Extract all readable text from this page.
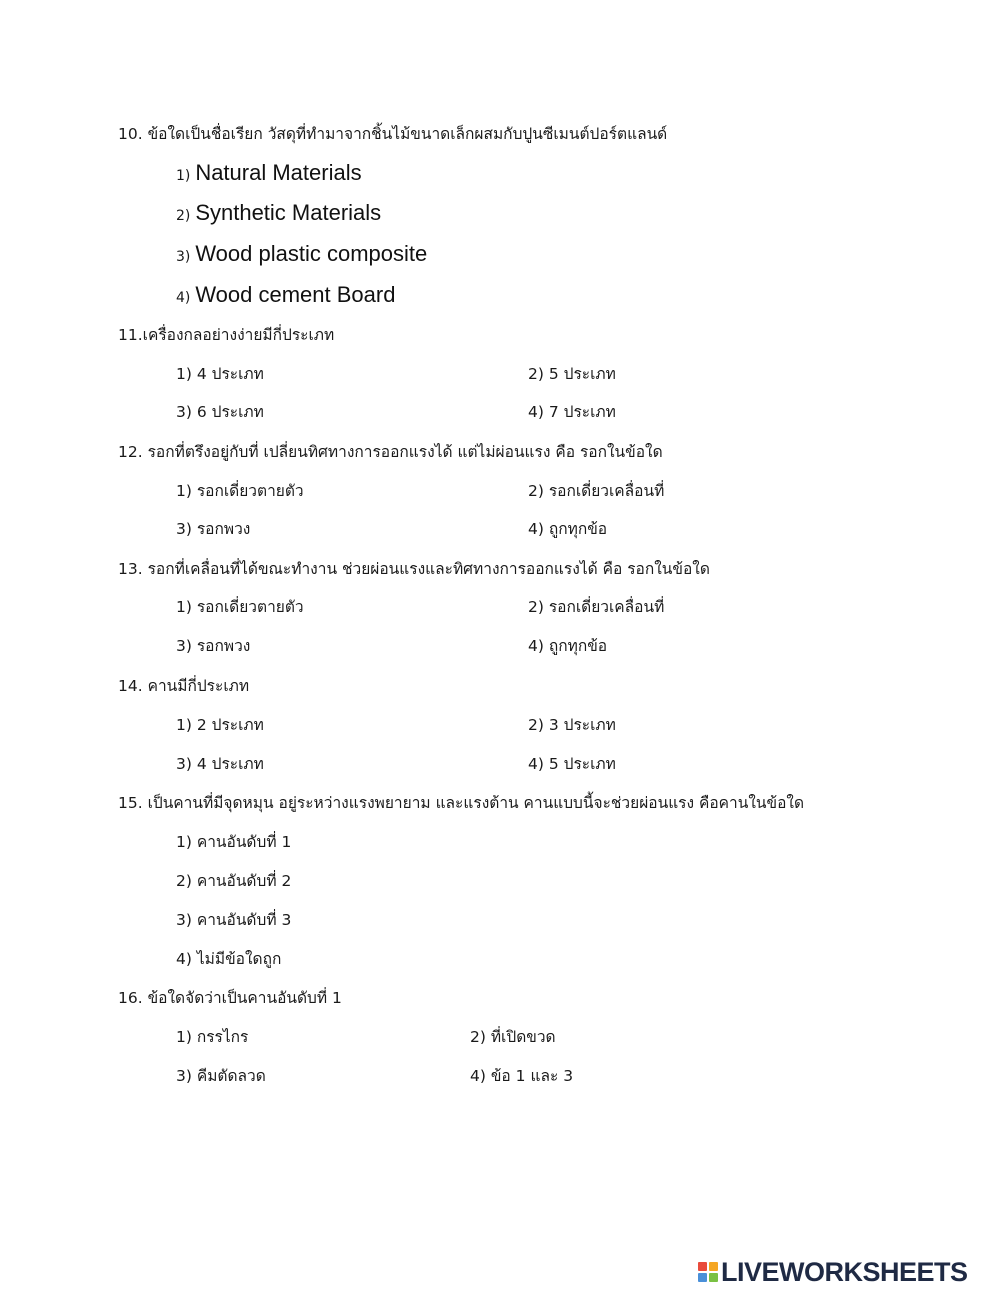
10. ข้อใดเป็นชื่อเรียก วัสดุที่ทำมาจากชิ้นไม้ขนาดเล็กผสมกับปูนซีเมนต์ปอร์ตแลนด์
1) Natural Materials
2) Synthetic Materials
3) Wood plastic composite
4) Wood cement Board
11.เครื่องกลอย่างง่ายมีกี่ประเภท
1) 4 ประเภท	2) 5 ประเภท
3) 6 ประเภท	4) 7 ประเภท
12. รอกที่ตรึงอยู่กับที่ เปลี่ยนทิศทางการออกแรงได้ แต่ไม่ผ่อนแรง คือ รอกในข้อใด
1) รอกเดี่ยวตายตัว	2) รอกเดี่ยวเคลื่อนที่
3) รอกพวง	4) ถูกทุกข้อ
13. รอกที่เคลื่อนที่ได้ขณะทำงาน ช่วยผ่อนแรงและทิศทางการออกแรงได้ คือ รอกในข้อใด
1) รอกเดี่ยวตายตัว	2) รอกเดี่ยวเคลื่อนที่
3) รอกพวง	4) ถูกทุกข้อ
14. คานมีกี่ประเภท
1) 2 ประเภท	2) 3 ประเภท
3) 4 ประเภท	4) 5 ประเภท
15. เป็นคานที่มีจุดหมุน อยู่ระหว่างแรงพยายาม และแรงต้าน คานแบบนี้จะช่วยผ่อนแรง คือคานในข้อใด
1) คานอันดับที่ 1
2) คานอันดับที่ 2
3) คานอันดับที่ 3
4) ไม่มีข้อใดถูก
16. ข้อใดจัดว่าเป็นคานอันดับที่ 1
1) กรรไกร	2) ที่เปิดขวด
3) คีมตัดลวด	4) ข้อ 1 และ 3
LIVEWORKSHEETS
